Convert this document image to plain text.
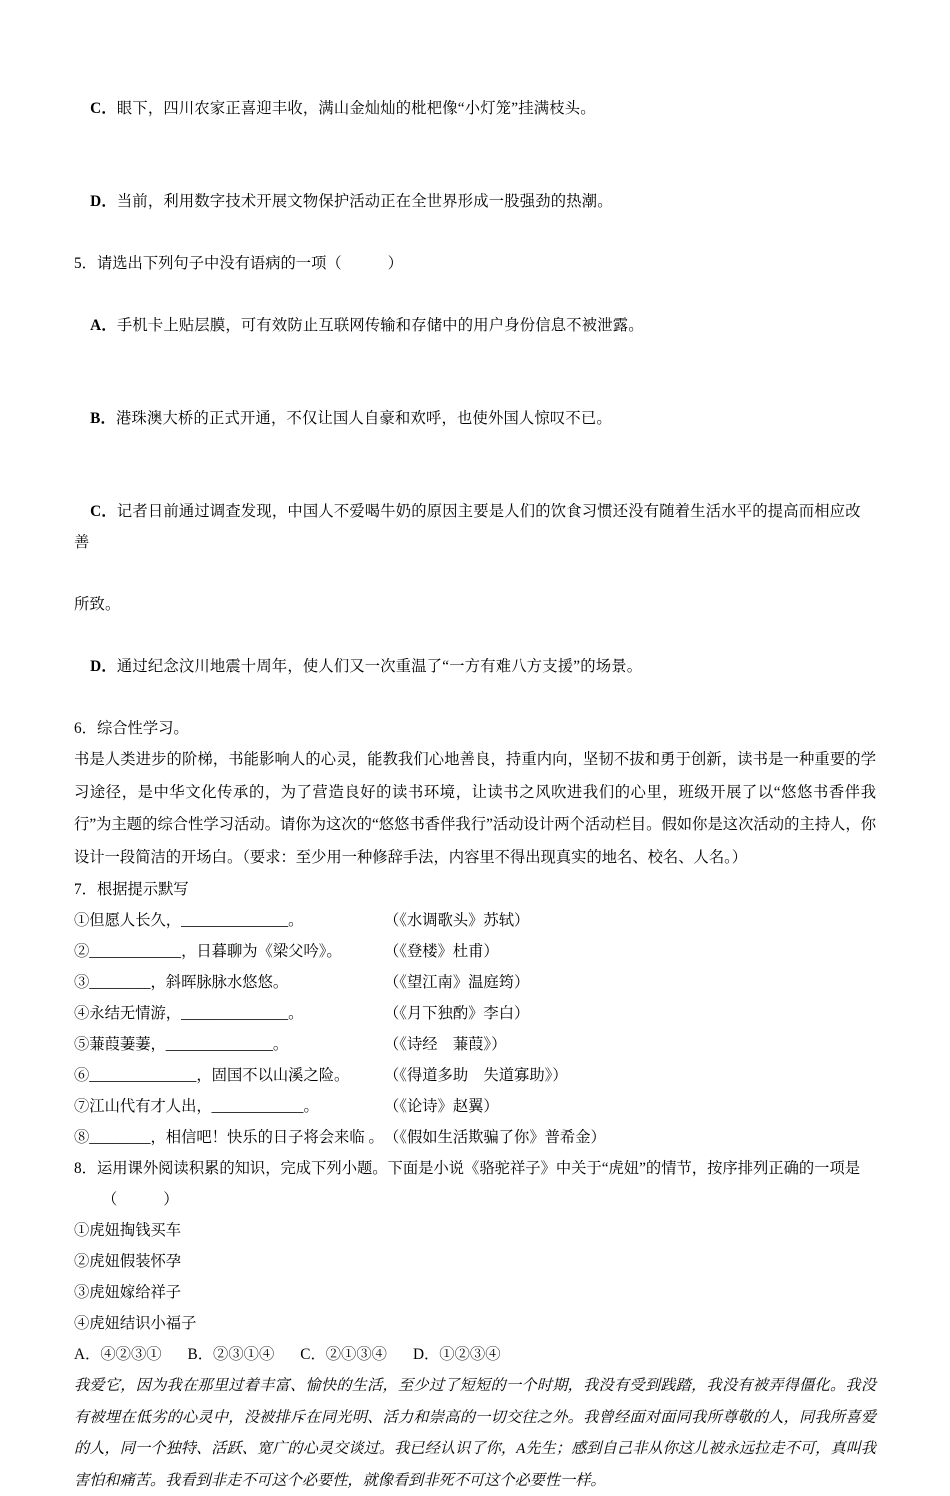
C．眼下，四川农家正喜迎丰收，满山金灿灿的枇杷像“小灯笼”挂满枝头。

D．当前，利用数字技术开展文物保护活动正在全世界形成一股强劲的热潮。

5．请选出下列句子中没有语病的一项（　　　）

A．手机卡上贴层膜，可有效防止互联网传输和存储中的用户身份信息不被泄露。

B．港珠澳大桥的正式开通，不仅让国人自豪和欢呼，也使外国人惊叹不已。

C．记者日前通过调查发现，中国人不爱喝牛奶的原因主要是人们的饮食习惯还没有随着生活水平的提高而相应改善

所致。

D．通过纪念汶川地震十周年，使人们又一次重温了“一方有难八方支援”的场景。

6．综合性学习。
书是人类进步的阶梯，书能影响人的心灵，能教我们心地善良，持重内向，坚韧不拔和勇于创新，读书是一种重要的学习途径，是中华文化传承的，为了营造良好的读书环境，让读书之风吹进我们的心里，班级开展了以“悠悠书香伴我行”为主题的综合性学习活动。请你为这次的“悠悠书香伴我行”活动设计两个活动栏目。假如你是这次活动的主持人，你设计一段简洁的开场白。（要求：至少用一种修辞手法，内容里不得出现真实的地名、校名、人名。）
7．根据提示默写
①但愿人长久，______________。	（《水调歌头》苏轼）
②____________，日暮聊为《梁父吟》。	（《登楼》杜甫）
③________，斜晖脉脉水悠悠。	（《望江南》温庭筠）
④永结无情游，______________。	（《月下独酌》李白）
⑤蒹葭萋萋，______________。	（《诗经　蒹葭》）
⑥______________，固国不以山溪之险。	（《得道多助　失道寡助》）
⑦江山代有才人出，____________。	（《论诗》赵翼）
⑧________，相信吧！快乐的日子将会来临 。 （《假如生活欺骗了你》普希金）
8．运用课外阅读积累的知识，完成下列小题。下面是小说《骆驼祥子》中关于“虎妞”的情节，按序排列正确的一项是
（　　　）
①虎妞掏钱买车
②虎妞假装怀孕
③虎妞嫁给祥子
④虎妞结识小福子
A．④②③① B．②③①④ C．②①③④ D．①②③④
我爱它，因为我在那里过着丰富、愉快的生活，至少过了短短的一个时期，我没有受到践踏，我没有被弄得僵化。我没有被埋在低劣的心灵中，没被排斥在同光明、活力和崇高的一切交往之外。我曾经面对面同我所尊敬的人，同我所喜爱的人，同一个独特、活跃、宽广的心灵交谈过。我已经认识了你，A先生；感到自己非从你这儿被永远拉走不可，真叫我害怕和痛苦。我看到非走不可这个必要性，就像看到非死不可这个必要性一样。
